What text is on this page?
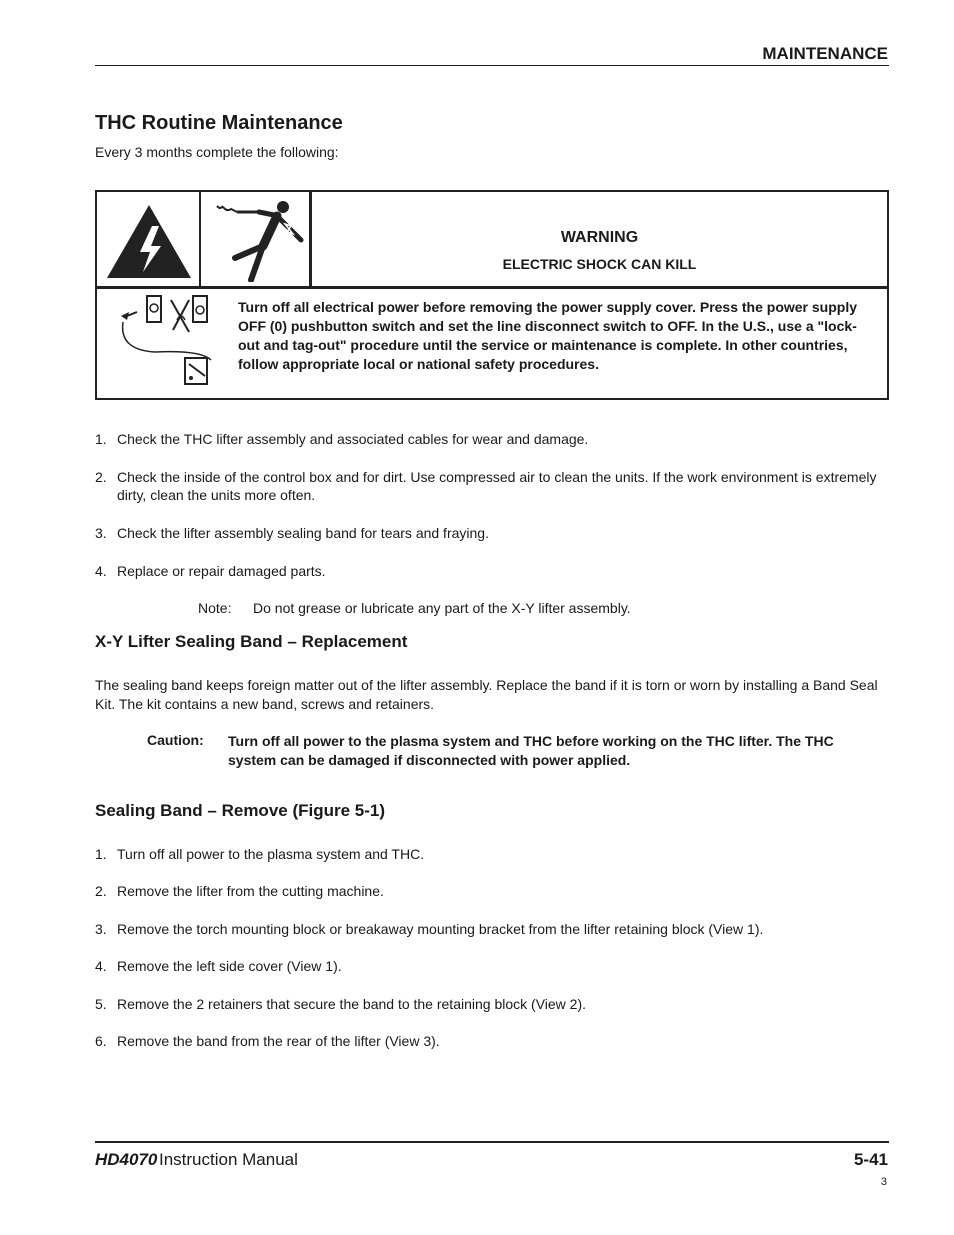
MAINTENANCE
THC Routine Maintenance
Every 3 months complete the following:
WARNING
ELECTRIC SHOCK CAN KILL
Turn off all electrical power before removing the power supply cover. Press the power supply OFF (0) pushbutton switch and set the line disconnect switch to OFF. In the U.S., use a "lock-out and tag-out" procedure until the service or maintenance is complete. In other countries, follow appropriate local or national safety procedures.
1. Check the THC lifter assembly and associated cables for wear and damage.
2. Check the inside of the control box and for dirt. Use compressed air to clean the units. If the work environment is extremely dirty, clean the units more often.
3. Check the lifter assembly sealing band for tears and fraying.
4. Replace or repair damaged parts.
Note: Do not grease or lubricate any part of the X-Y lifter assembly.
X-Y Lifter Sealing Band – Replacement
The sealing band keeps foreign matter out of the lifter assembly. Replace the band if it is torn or worn by installing a Band Seal Kit. The kit contains a new band, screws and retainers.
Caution: Turn off all power to the plasma system and THC before working on the THC lifter. The THC system can be damaged if disconnected with power applied.
Sealing Band – Remove (Figure 5-1)
1. Turn off all power to the plasma system and THC.
2. Remove the lifter from the cutting machine.
3. Remove the torch mounting block or breakaway mounting bracket from the lifter retaining block (View 1).
4. Remove the left side cover (View 1).
5. Remove the 2 retainers that secure the band to the retaining block (View 2).
6. Remove the band from the rear of the lifter (View 3).
HD4070 Instruction Manual	5-41
3
